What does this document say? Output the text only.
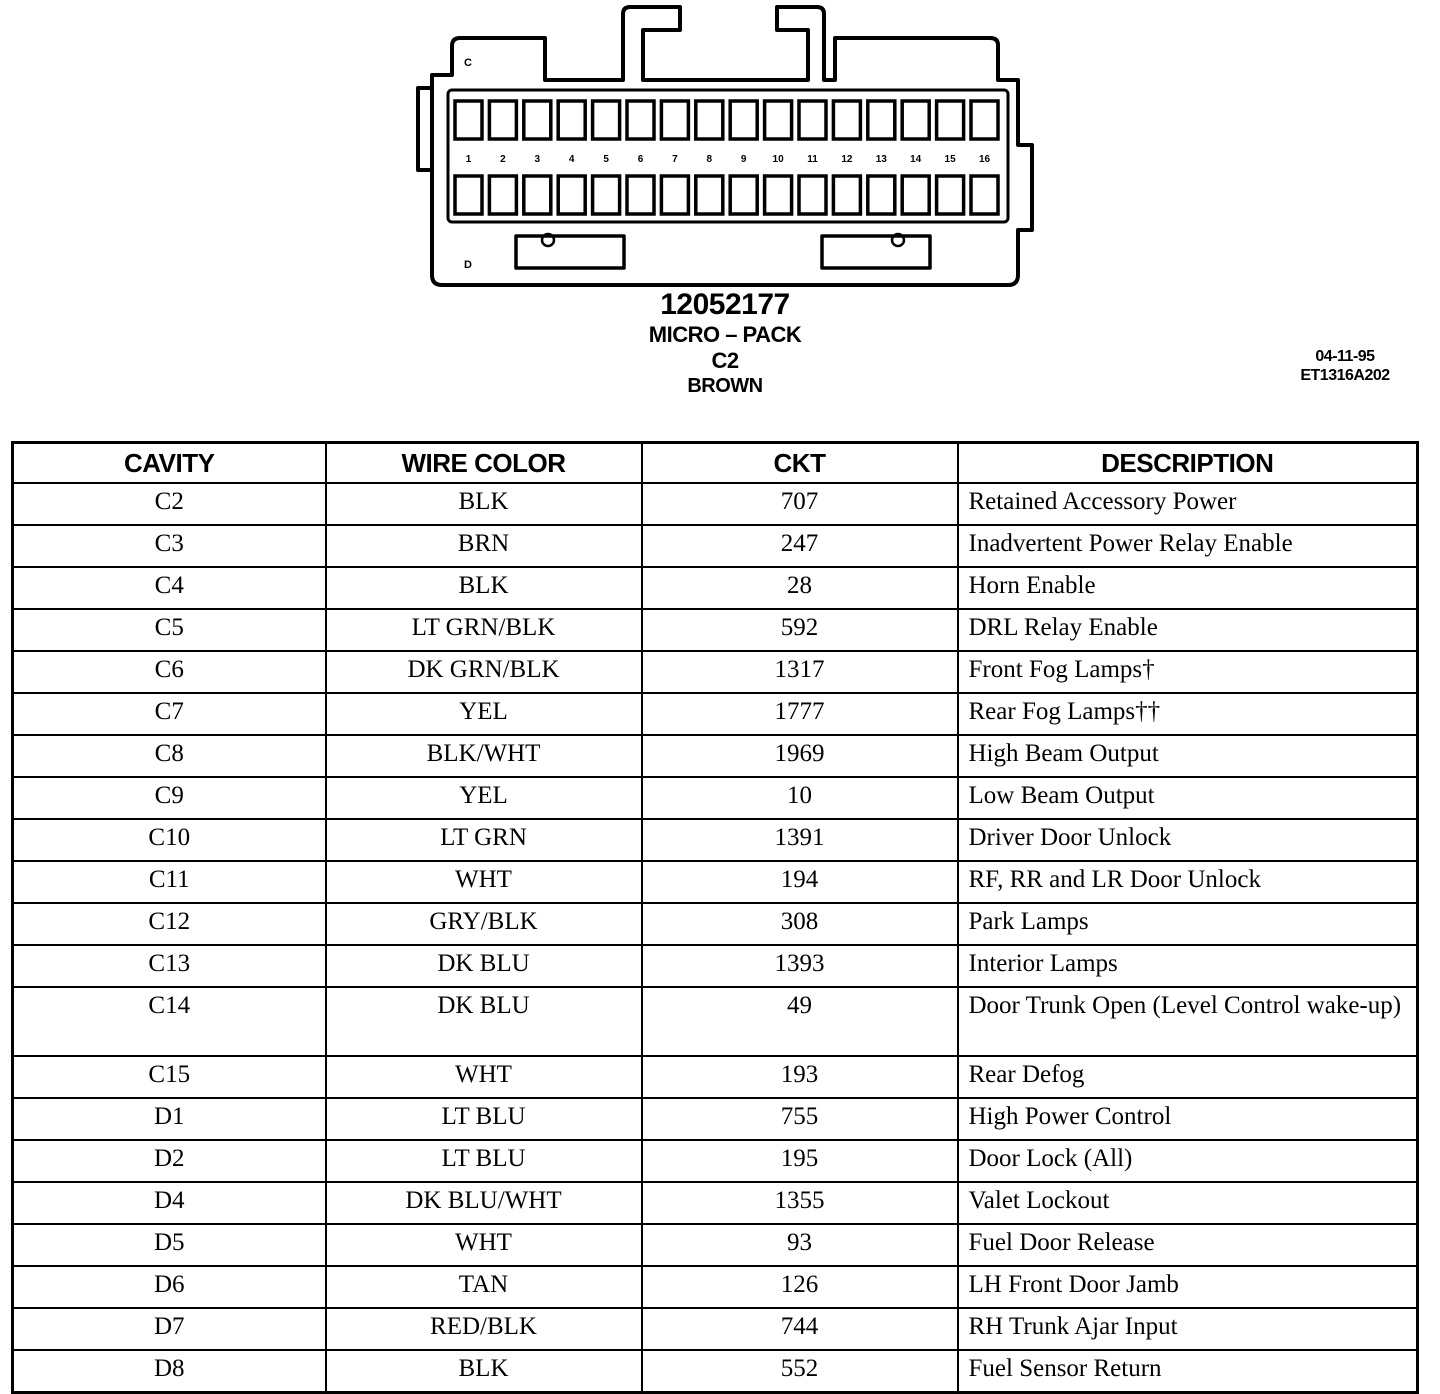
C
D
1	2	3	4	5	6	7	8	9	10 11 12 13 14 15 16
12052177
MICRO – PACK
C2
BROWN
04-11-95
ET1316A202
CAVITY	WIRE COLOR	CKT	DESCRIPTION
C2	BLK	707	Retained Accessory Power
C3	BRN	247	Inadvertent Power Relay Enable
C4	BLK	28	Horn Enable
C5	LT GRN/BLK	592	DRL Relay Enable
C6	DK GRN/BLK	1317	Front Fog Lamps†
C7	YEL	1777	Rear Fog Lamps††
C8	BLK/WHT	1969	High Beam Output
C9	YEL	10	Low Beam Output
C10	LT GRN	1391	Driver Door Unlock
C11	WHT	194	RF, RR and LR Door Unlock
C12	GRY/BLK	308	Park Lamps
C13	DK BLU	1393	Interior Lamps
C14	DK BLU	49	Door Trunk Open (Level Control wake-up)
C15	WHT	193	Rear Defog
D1	LT BLU	755	High Power Control
D2	LT BLU	195	Door Lock (All)
D4	DK BLU/WHT	1355	Valet Lockout
D5	WHT	93	Fuel Door Release
D6	TAN	126	LH Front Door Jamb
D7	RED/BLK	744	RH Trunk Ajar Input
D8	BLK	552	Fuel Sensor Return
